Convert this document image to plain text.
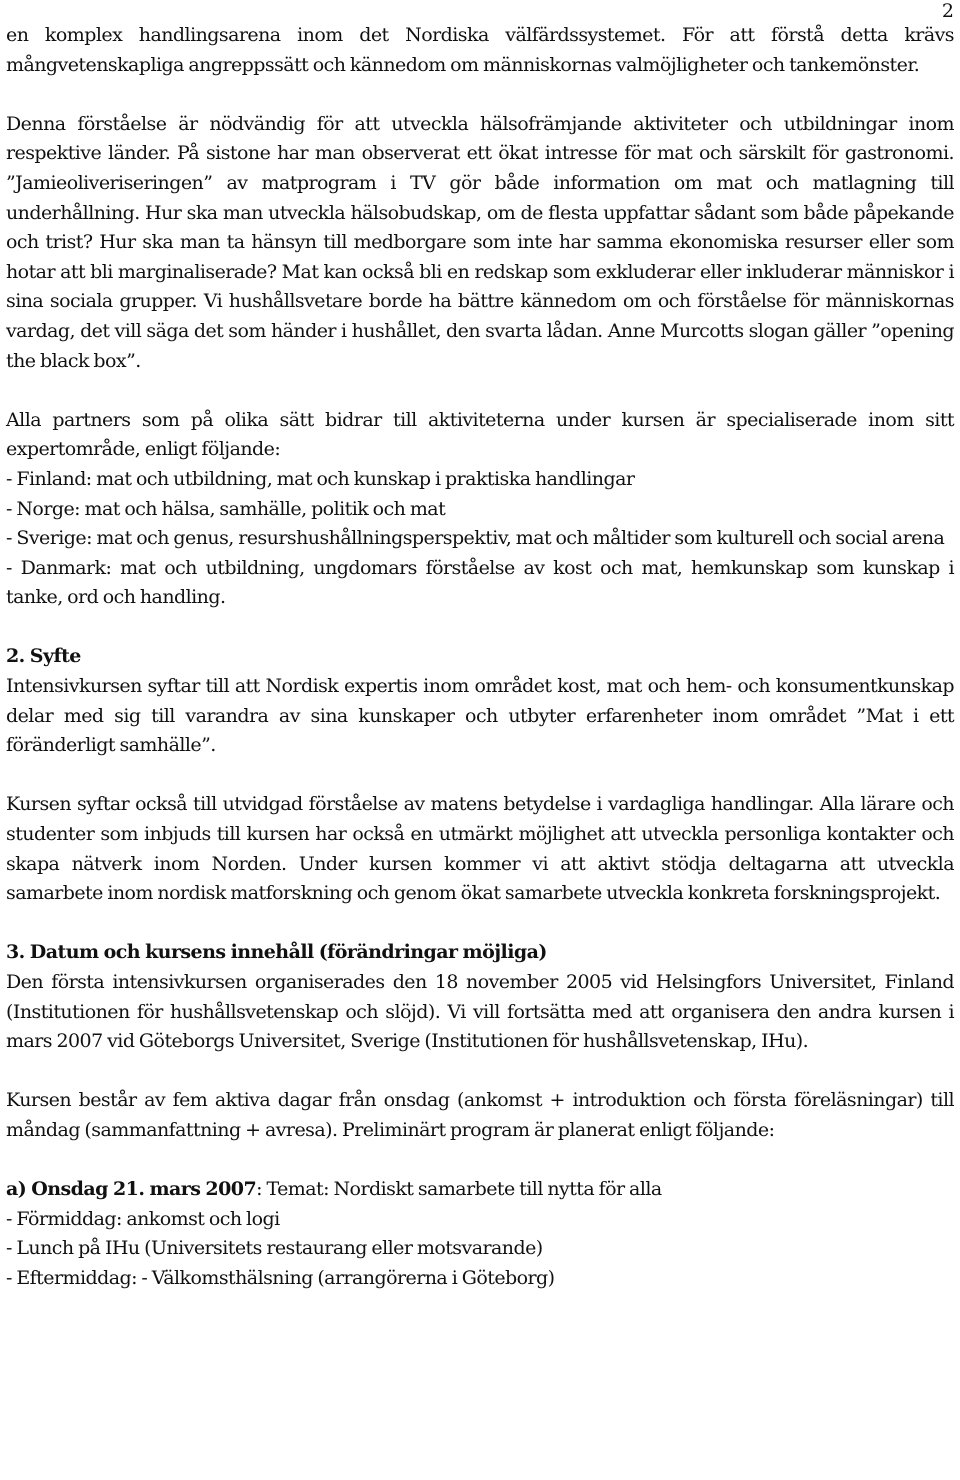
2

en komplex handlingsarena inom det Nordiska välfärdssystemet. För att förstå detta krävs mångvetenskapliga angreppssätt och kännedom om människornas valmöjligheter och tankemönster.

Denna förståelse är nödvändig för att utveckla hälsofrämjande aktiviteter och utbildningar inom respektive länder. På sistone har man observerat ett ökat intresse för mat och särskilt för gastronomi. ”Jamieoliveriseringen” av matprogram i TV gör både information om mat och matlagning till underhållning. Hur ska man utveckla hälsobudskap, om de flesta uppfattar sådant som både påpekande och trist? Hur ska man ta hänsyn till medborgare som inte har samma ekonomiska resurser eller som hotar att bli marginaliserade? Mat kan också bli en redskap som exkluderar eller inkluderar människor i sina sociala grupper. Vi hushållsvetare borde ha bättre kännedom om och förståelse för människornas vardag, det vill säga det som händer i hushållet, den svarta lådan. Anne Murcotts slogan gäller ”opening the black box”.

Alla partners som på olika sätt bidrar till aktiviteterna under kursen är specialiserade inom sitt expertområde, enligt följande:

- Finland: mat och utbildning, mat och kunskap i praktiska handlingar

- Norge: mat och hälsa, samhälle, politik och mat

- Sverige: mat och genus, resurshushållningsperspektiv, mat och måltider som kulturell och social arena

- Danmark: mat och utbildning, ungdomars förståelse av kost och mat, hemkunskap som kunskap i tanke, ord och handling.

2. Syfte

Intensivkursen syftar till att Nordisk expertis inom området kost, mat och hem- och konsumentkunskap delar med sig till varandra av sina kunskaper och utbyter erfarenheter inom området ”Mat i ett föränderligt samhälle”.

Kursen syftar också till utvidgad förståelse av matens betydelse i vardagliga handlingar. Alla lärare och studenter som inbjuds till kursen har också en utmärkt möjlighet att utveckla personliga kontakter och skapa nätverk inom Norden. Under kursen kommer vi att aktivt stödja deltagarna att utveckla samarbete inom nordisk matforskning och genom ökat samarbete utveckla konkreta forskningsprojekt.

3. Datum och kursens innehåll (förändringar möjliga)

Den första intensivkursen organiserades den 18 november 2005 vid Helsingfors Universitet, Finland (Institutionen för hushållsvetenskap och slöjd). Vi vill fortsätta med att organisera den andra kursen i mars 2007 vid Göteborgs Universitet, Sverige (Institutionen för hushållsvetenskap, IHu).

Kursen består av fem aktiva dagar från onsdag (ankomst + introduktion och första föreläsningar) till måndag (sammanfattning + avresa). Preliminärt program är planerat enligt följande:

a) Onsdag 21. mars 2007: Temat: Nordiskt samarbete till nytta för alla

- Förmiddag: ankomst och logi

- Lunch på IHu (Universitets restaurang eller motsvarande)

- Eftermiddag: - Välkomsthälsning (arrangörerna i Göteborg)
